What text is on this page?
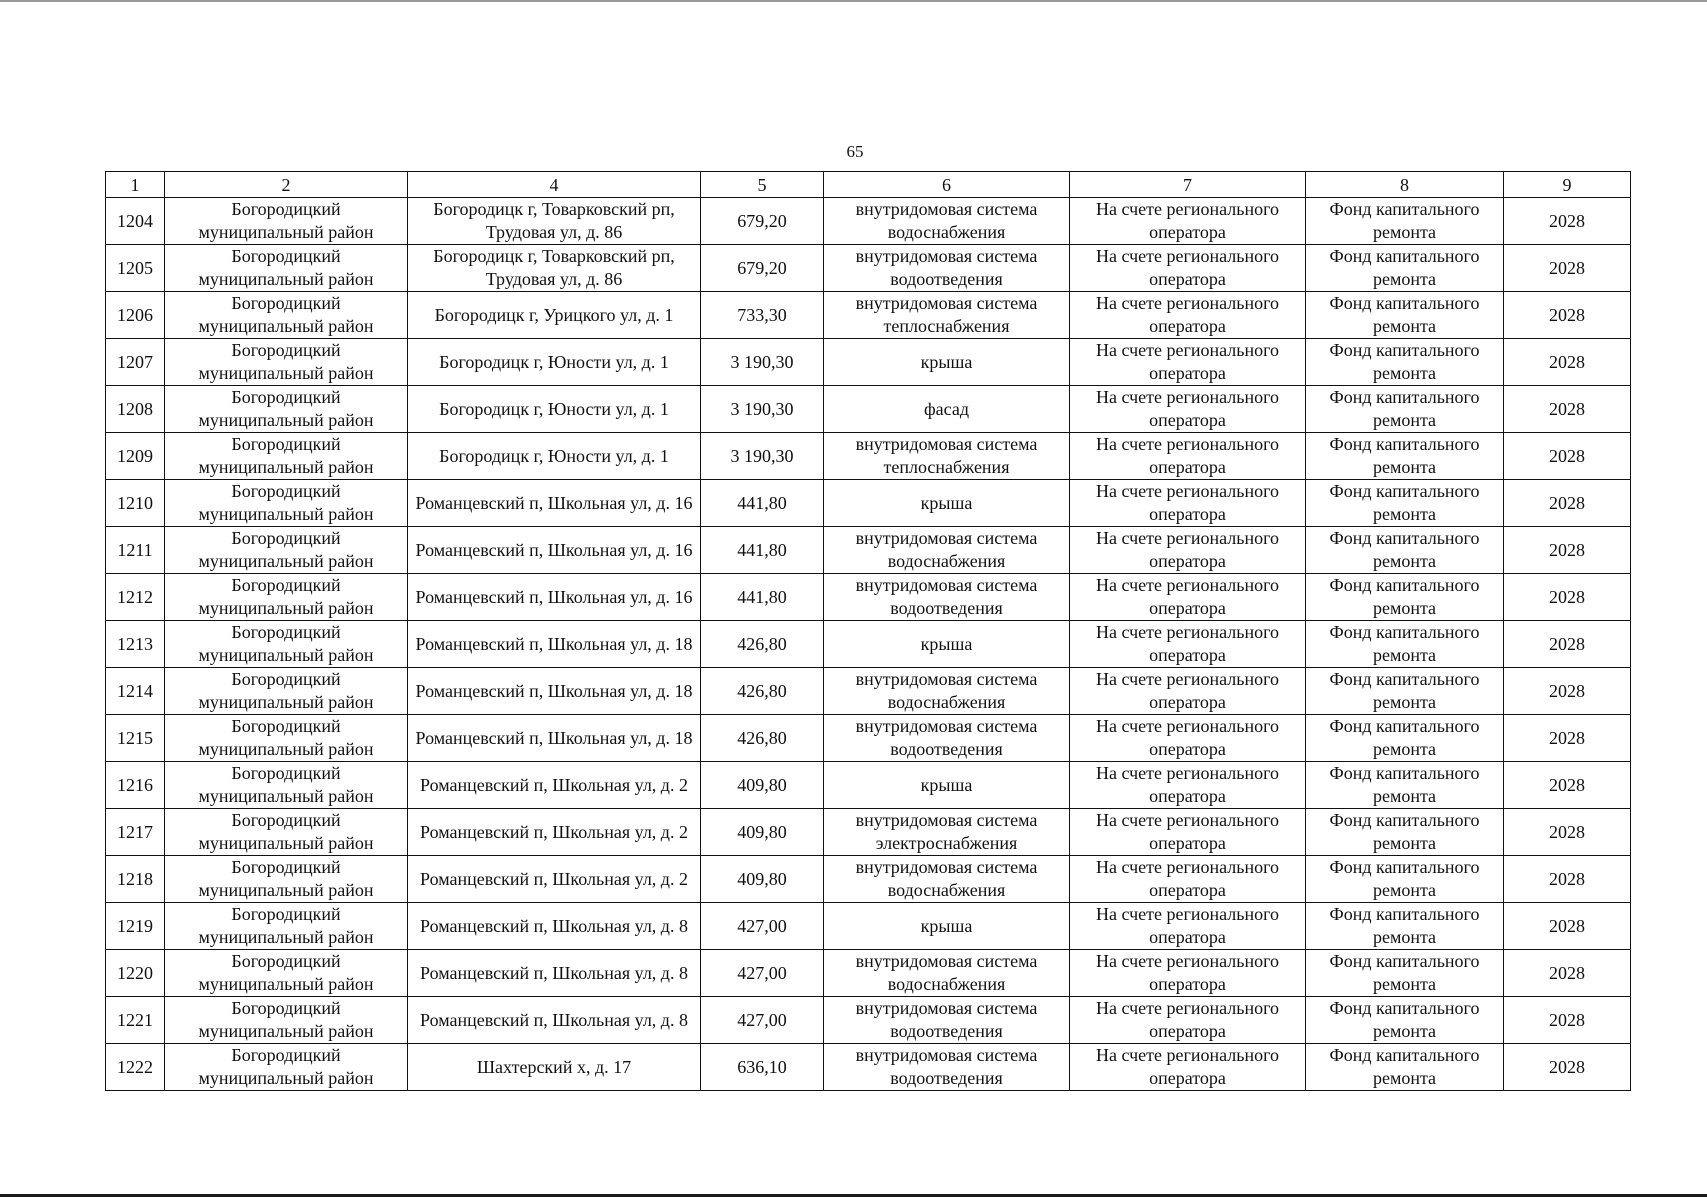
65
1	2	4	5	6	7	8	9
1204	Богородицкий муниципальный район	Богородицк г, Товарковский рп, Трудовая ул, д. 86	679,20	внутридомовая система водоснабжения	На счете регионального оператора	Фонд капитального ремонта	2028
1205	Богородицкий муниципальный район	Богородицк г, Товарковский рп, Трудовая ул, д. 86	679,20	внутридомовая система водоотведения	На счете регионального оператора	Фонд капитального ремонта	2028
1206	Богородицкий муниципальный район	Богородицк г, Урицкого ул, д. 1	733,30	внутридомовая система теплоснабжения	На счете регионального оператора	Фонд капитального ремонта	2028
1207	Богородицкий муниципальный район	Богородицк г, Юности ул, д. 1	3 190,30	крыша	На счете регионального оператора	Фонд капитального ремонта	2028
1208	Богородицкий муниципальный район	Богородицк г, Юности ул, д. 1	3 190,30	фасад	На счете регионального оператора	Фонд капитального ремонта	2028
1209	Богородицкий муниципальный район	Богородицк г, Юности ул, д. 1	3 190,30	внутридомовая система теплоснабжения	На счете регионального оператора	Фонд капитального ремонта	2028
1210	Богородицкий муниципальный район	Романцевский п, Школьная ул, д. 16	441,80	крыша	На счете регионального оператора	Фонд капитального ремонта	2028
1211	Богородицкий муниципальный район	Романцевский п, Школьная ул, д. 16	441,80	внутридомовая система водоснабжения	На счете регионального оператора	Фонд капитального ремонта	2028
1212	Богородицкий муниципальный район	Романцевский п, Школьная ул, д. 16	441,80	внутридомовая система водоотведения	На счете регионального оператора	Фонд капитального ремонта	2028
1213	Богородицкий муниципальный район	Романцевский п, Школьная ул, д. 18	426,80	крыша	На счете регионального оператора	Фонд капитального ремонта	2028
1214	Богородицкий муниципальный район	Романцевский п, Школьная ул, д. 18	426,80	внутридомовая система водоснабжения	На счете регионального оператора	Фонд капитального ремонта	2028
1215	Богородицкий муниципальный район	Романцевский п, Школьная ул, д. 18	426,80	внутридомовая система водоотведения	На счете регионального оператора	Фонд капитального ремонта	2028
1216	Богородицкий муниципальный район	Романцевский п, Школьная ул, д. 2	409,80	крыша	На счете регионального оператора	Фонд капитального ремонта	2028
1217	Богородицкий муниципальный район	Романцевский п, Школьная ул, д. 2	409,80	внутридомовая система электроснабжения	На счете регионального оператора	Фонд капитального ремонта	2028
1218	Богородицкий муниципальный район	Романцевский п, Школьная ул, д. 2	409,80	внутридомовая система водоснабжения	На счете регионального оператора	Фонд капитального ремонта	2028
1219	Богородицкий муниципальный район	Романцевский п, Школьная ул, д. 8	427,00	крыша	На счете регионального оператора	Фонд капитального ремонта	2028
1220	Богородицкий муниципальный район	Романцевский п, Школьная ул, д. 8	427,00	внутридомовая система водоснабжения	На счете регионального оператора	Фонд капитального ремонта	2028
1221	Богородицкий муниципальный район	Романцевский п, Школьная ул, д. 8	427,00	внутридомовая система водоотведения	На счете регионального оператора	Фонд капитального ремонта	2028
1222	Богородицкий муниципальный район	Шахтерский х, д. 17	636,10	внутридомовая система водоотведения	На счете регионального оператора	Фонд капитального ремонта	2028
